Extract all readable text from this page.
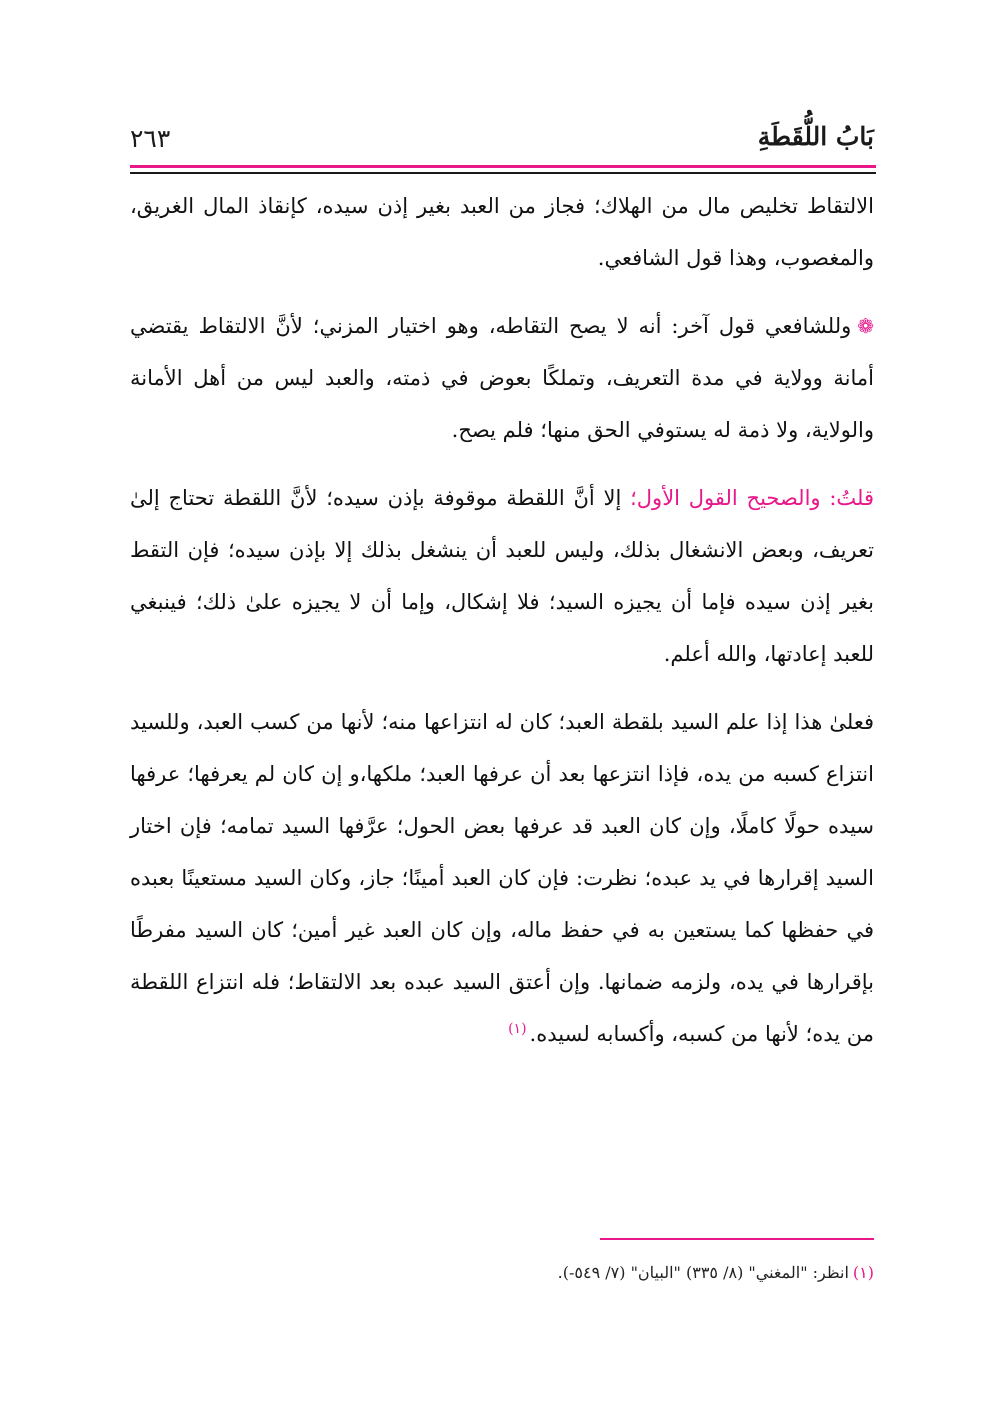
بَابُ اللُّقَطَةِ
٢٦٣

الالتقاط تخليص مال من الهلاك؛ فجاز من العبد بغير إذن سيده، كإنقاذ المال الغريق، والمغصوب، وهذا قول الشافعي.

❁وللشافعي قول آخر: أنه لا يصح التقاطه، وهو اختيار المزني؛ لأنَّ الالتقاط يقتضي أمانة وولاية في مدة التعريف، وتملكًا بعوض في ذمته، والعبد ليس من أهل الأمانة والولاية، ولا ذمة له يستوفي الحق منها؛ فلم يصح.

قلتُ: والصحيح القول الأول؛ إلا أنَّ اللقطة موقوفة بإذن سيده؛ لأنَّ اللقطة تحتاج إلىٰ تعريف، وبعض الانشغال بذلك، وليس للعبد أن ينشغل بذلك إلا بإذن سيده؛ فإن التقط بغير إذن سيده فإما أن يجيزه السيد؛ فلا إشكال، وإما أن لا يجيزه علىٰ ذلك؛ فينبغي للعبد إعادتها، والله أعلم.

فعلىٰ هذا إذا علم السيد بلقطة العبد؛ كان له انتزاعها منه؛ لأنها من كسب العبد، وللسيد انتزاع كسبه من يده، فإذا انتزعها بعد أن عرفها العبد؛ ملكها،و إن كان لم يعرفها؛ عرفها سيده حولًا كاملًا، وإن كان العبد قد عرفها بعض الحول؛ عرَّفها السيد تمامه؛ فإن اختار السيد إقرارها في يد عبده؛ نظرت: فإن كان العبد أمينًا؛ جاز، وكان السيد مستعينًا بعبده في حفظها كما يستعين به في حفظ ماله، وإن كان العبد غير أمين؛ كان السيد مفرطًا بإقرارها في يده، ولزمه ضمانها. وإن أعتق السيد عبده بعد الالتقاط؛ فله انتزاع اللقطة من يده؛ لأنها من كسبه، وأكسابه لسيده.$^{(١)}$

(١)انظر: "المغني" (٨/ ٣٣٥) "البيان" (٧/ ٥٤٩-).
